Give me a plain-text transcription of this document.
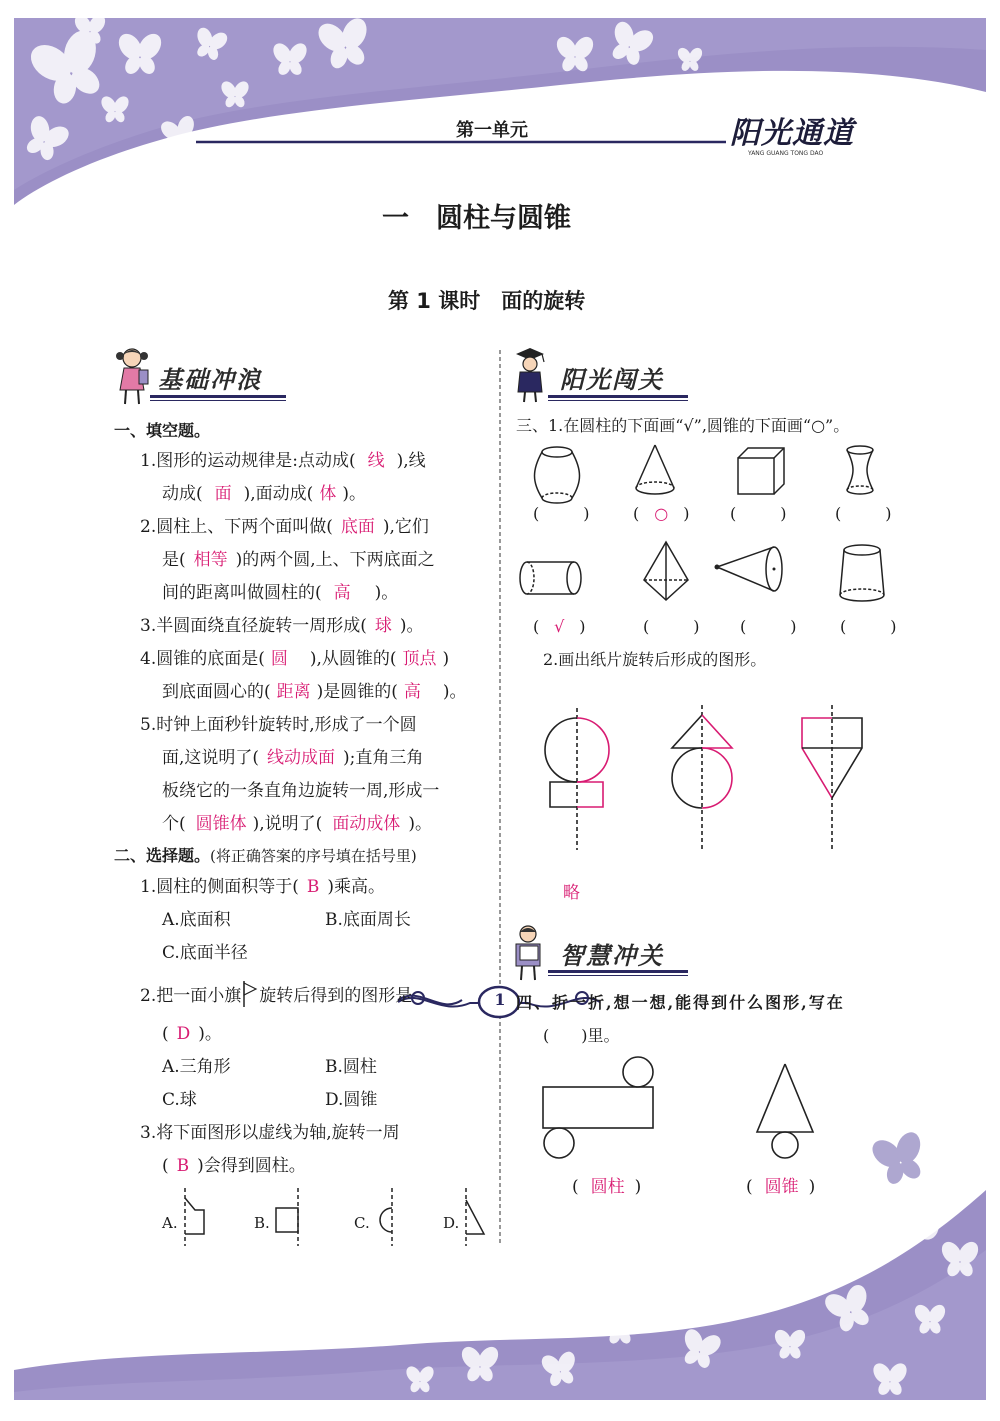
第一单元	阳光通道
YANG GUANG TONG DAO
一　圆柱与圆锥
第 1 课时　面的旋转
基础冲浪	阳光闯关
智慧冲关
一、填空题。
1.图形的运动规律是:点动成( 线 ),线
动成( 面 ),面动成( 体 )。
2.圆柱上、下两个面叫做( 底面 ),它们
是( 相等 )的两个圆,上、下两底面之
间的距离叫做圆柱的( 高 )。
3.半圆面绕直径旋转一周形成( 球 )。
4.圆锥的底面是( 圆 ),从圆锥的( 顶点 )
到底面圆心的( 距离 )是圆锥的( 高 )。
5.时钟上面秒针旋转时,形成了一个圆
面,这说明了( 线动成面 );直角三角
板绕它的一条直角边旋转一周,形成一
个( 圆锥体 ),说明了( 面动成体 )。
二、选择题。(将正确答案的序号填在括号里)
1.圆柱的侧面积等于( B )乘高。
A.底面积	B.底面周长
C.底面半径
2.把一面小旗 旋转后得到的图形是
( D )。
A.三角形	B.圆柱
C.球	D.圆锥
3.将下面图形以虚线为轴,旋转一周
( B )会得到圆柱。
A.	B.	C.	D.
三、1.在圆柱的下面画“√”,圆锥的下面画“○”。
(	)	( ○ )	(	)	(	)
( √ )	(	)	(	)	(	)
2.画出纸片旋转后形成的图形。
略
四、折一折,想一想,能得到什么图形,写在
(　　)里。
( 圆柱 )	( 圆锥 )
1
